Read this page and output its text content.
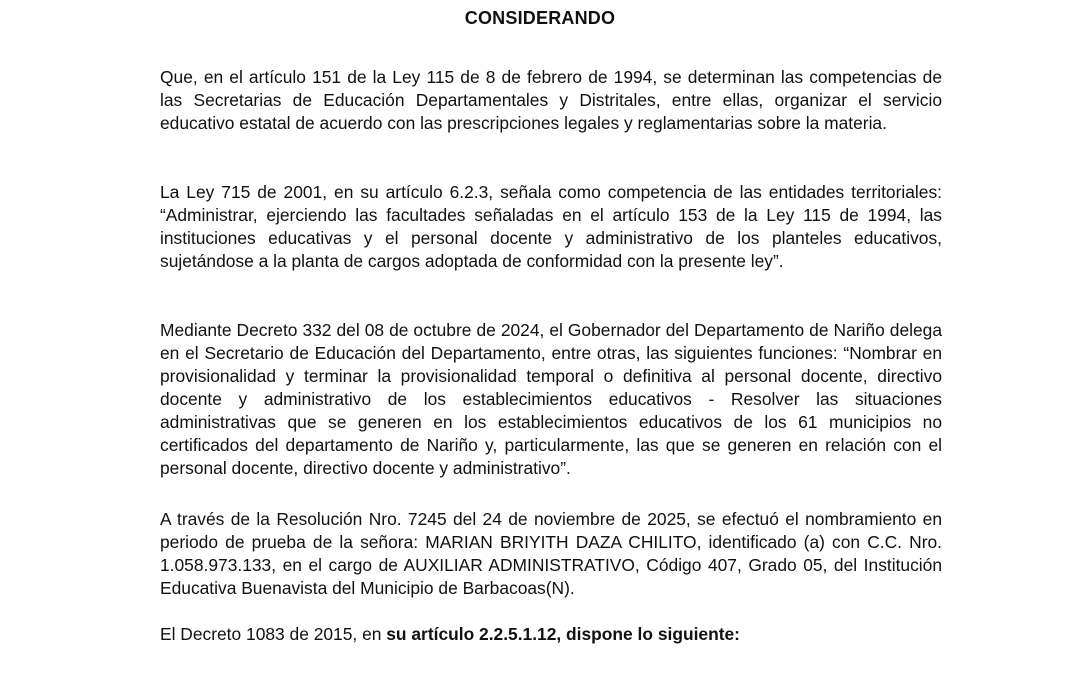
CONSIDERANDO

Que, en el artículo 151 de la Ley 115 de 8 de febrero de 1994, se determinan las competencias de las Secretarias de Educación Departamentales y Distritales, entre ellas, organizar el servicio educativo estatal de acuerdo con las prescripciones legales y reglamentarias sobre la materia.

La Ley 715 de 2001, en su artículo 6.2.3, señala como competencia de las entidades territoriales: “Administrar, ejerciendo las facultades señaladas en el artículo 153 de la Ley 115 de 1994, las instituciones educativas y el personal docente y administrativo de los planteles educativos, sujetándose a la planta de cargos adoptada de conformidad con la presente ley”.

Mediante Decreto 332 del 08 de octubre de 2024, el Gobernador del Departamento de Nariño delega en el Secretario de Educación del Departamento, entre otras, las siguientes funciones: “Nombrar en provisionalidad y terminar la provisionalidad temporal o definitiva al personal docente, directivo docente y administrativo de los establecimientos educativos - Resolver las situaciones administrativas que se generen en los establecimientos educativos de los 61 municipios no certificados del departamento de Nariño y, particularmente, las que se generen en relación con el personal docente, directivo docente y administrativo”.

A través de la Resolución Nro. 7245 del 24 de noviembre de 2025, se efectuó el nombramiento en periodo de prueba de la señora: MARIAN BRIYITH DAZA CHILITO, identificado (a) con C.C. Nro. 1.058.973.133, en el cargo de AUXILIAR ADMINISTRATIVO, Código 407, Grado 05, del Institución Educativa Buenavista del Municipio de Barbacoas(N).

El Decreto 1083 de 2015, en su artículo 2.2.5.1.12, dispone lo siguiente:
